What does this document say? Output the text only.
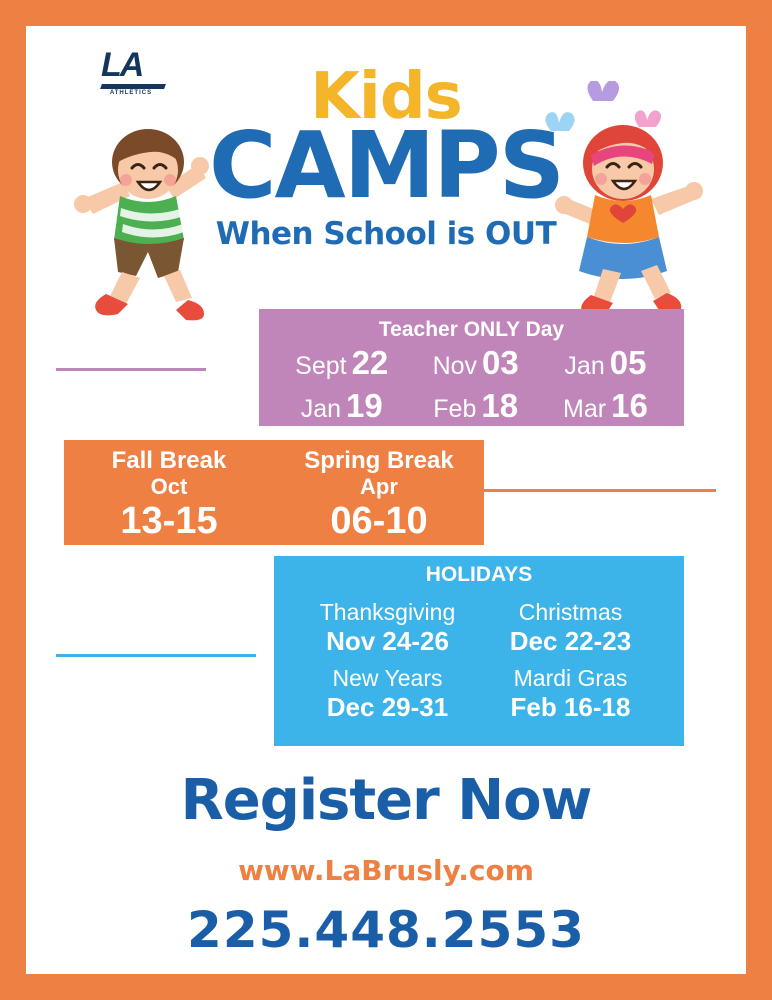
LA
ATHLETICS	Kids
CAMPS
When School is OUT
Teacher ONLY Day
Sept 22
Jan 19
Nov 03
Feb 18
Jan 05
Mar 16
Fall Break
Oct
13-15
Spring Break
Apr
06-10
HOLIDAYS
Thanksgiving
Nov 24-26
Christmas
Dec 22-23
New Years
Dec 29-31
Mardi Gras
Feb 16-18
Register Now
www.LaBrusly.com
225.448.2553
